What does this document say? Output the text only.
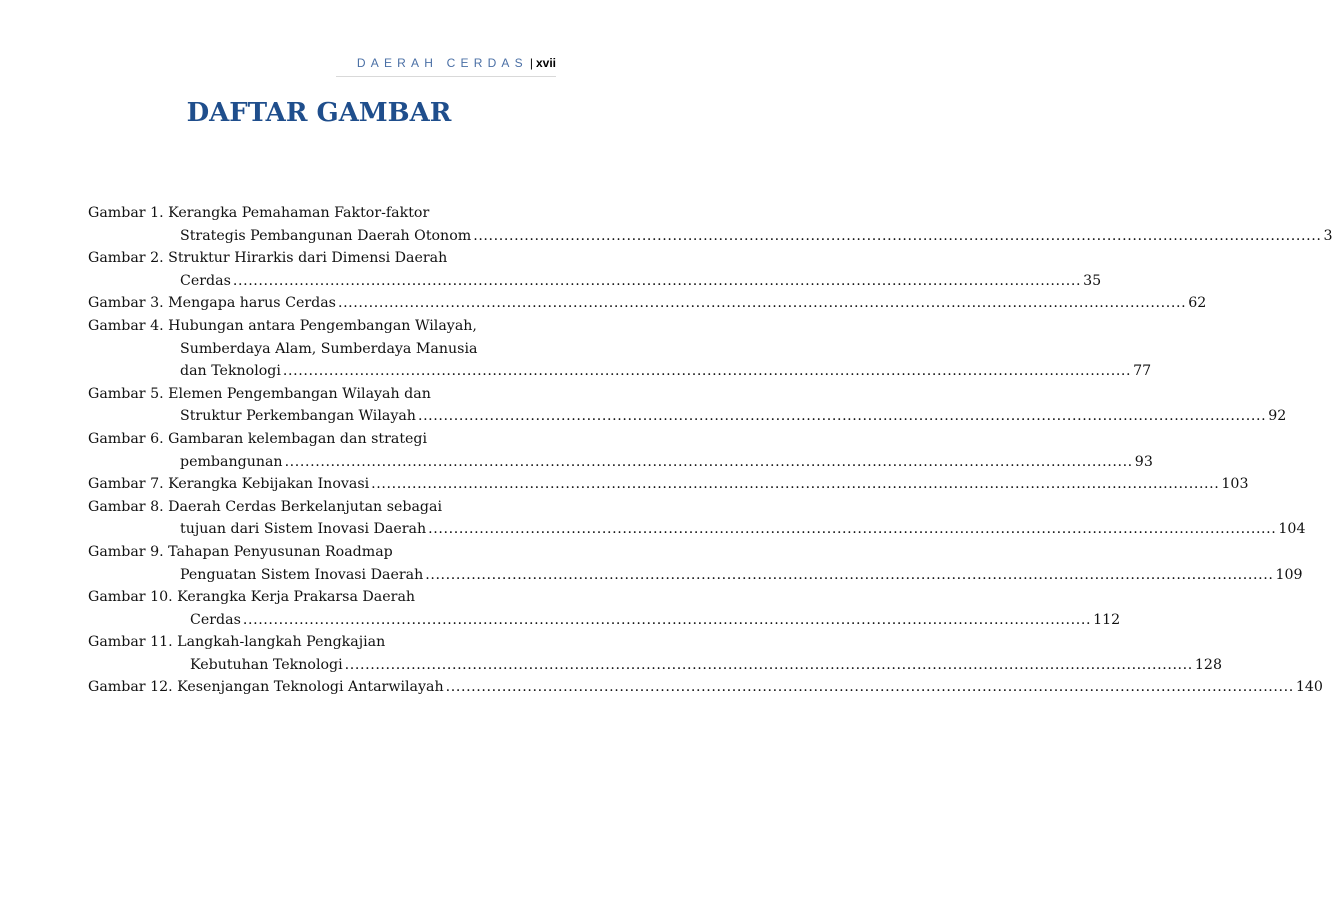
DAERAH CERDAS | xvii
DAFTAR GAMBAR
Gambar 1.
Kerangka Pemahaman Faktor-faktor
Strategis Pembangunan Daerah Otonom .....	3
Gambar 2.
Struktur Hirarkis dari Dimensi Daerah
Cerdas .....	35
Gambar 3.
Mengapa harus Cerdas .....	62
Gambar 4.
Hubungan antara Pengembangan Wilayah,
Sumberdaya Alam, Sumberdaya Manusia
dan Teknologi .....	77
Gambar 5.
Elemen Pengembangan Wilayah dan
Struktur Perkembangan Wilayah .....	92
Gambar 6.
Gambaran kelembagan dan strategi
pembangunan .....	93
Gambar 7.
Kerangka Kebijakan Inovasi .....	103
Gambar 8.
Daerah Cerdas Berkelanjutan sebagai
tujuan dari Sistem Inovasi Daerah .....	104
Gambar 9.
Tahapan Penyusunan Roadmap
Penguatan Sistem Inovasi Daerah .....	109
Gambar 10.
Kerangka Kerja Prakarsa Daerah
Cerdas .....	112
Gambar 11.
Langkah-langkah Pengkajian
Kebutuhan Teknologi .....	128
Gambar 12.
Kesenjangan Teknologi Antarwilayah .....	140
